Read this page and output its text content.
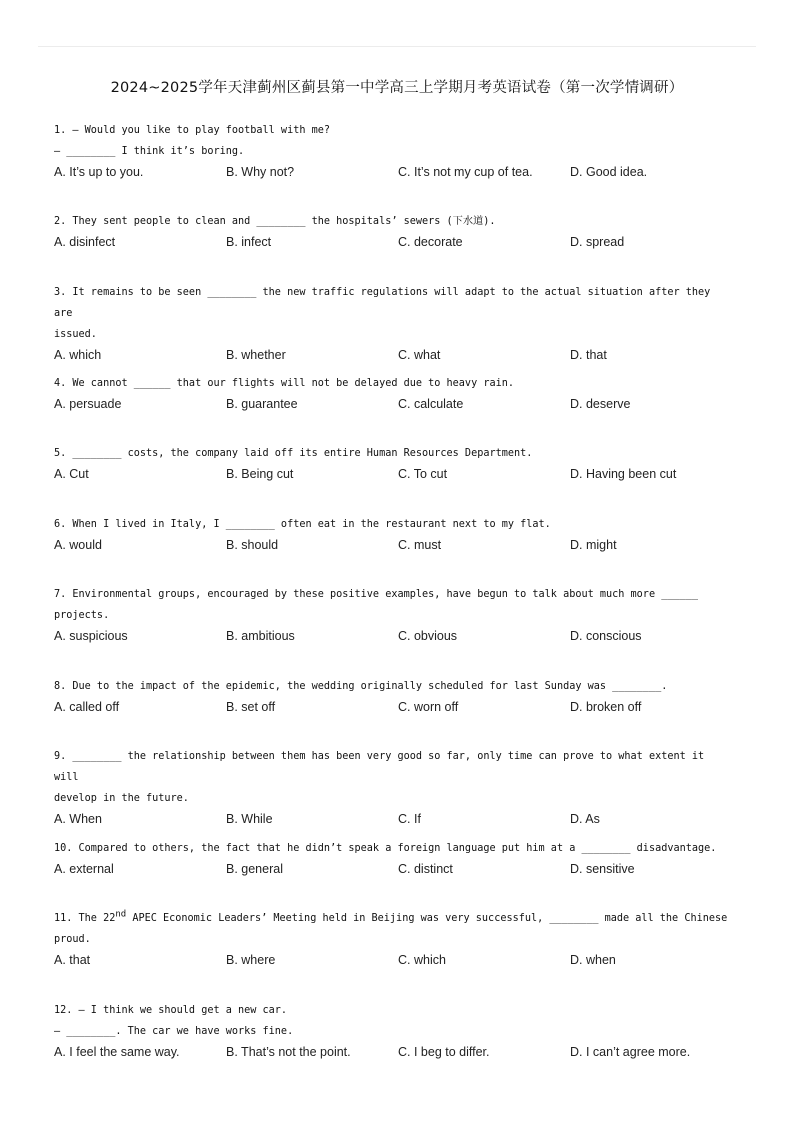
2024~2025学年天津蓟州区蓟县第一中学高三上学期月考英语试卷（第一次学情调研）

1. — Would you like to play football with me?

— ________ I think it’s boring.

A. It’s up to you.	B. Why not?	C. It’s not my cup of tea.	D. Good idea.

2. They sent people to clean and ________ the hospitals’ sewers (下水道).

A. disinfect	B. infect	C. decorate	D. spread

3. It remains to be seen ________ the new traffic regulations will adapt to the actual situation after they are

issued.

A. which	B. whether	C. what	D. that

4. We cannot ______ that our flights will not be delayed due to heavy rain.

A. persuade	B. guarantee	C. calculate	D. deserve

5. ________ costs, the company laid off its entire Human Resources Department.

A. Cut	B. Being cut	C. To cut	D. Having been cut

6. When I lived in Italy, I ________ often eat in the restaurant next to my flat.

A. would	B. should	C. must	D. might

7. Environmental groups, encouraged by these positive examples, have begun to talk about much more ______

projects.

A. suspicious	B. ambitious	C. obvious	D. conscious

8. Due to the impact of the epidemic, the wedding originally scheduled for last Sunday was ________.

A. called off	B. set off	C. worn off	D. broken off

9. ________ the relationship between them has been very good so far, only time can prove to what extent it will

develop in the future.

A. When	B. While	C. If	D. As

10. Compared to others, the fact that he didn’t speak a foreign language put him at a ________ disadvantage.

A. external	B. general	C. distinct	D. sensitive

11. The 22nd APEC Economic Leaders’ Meeting held in Beijing was very successful, ________ made all the Chinese

proud.

A. that	B. where	C. which	D. when

12. — I think we should get a new car.

— ________. The car we have works fine.

A. I feel the same way.	B. That’s not the point.	C. I beg to differ.	D. I can’t agree more.
